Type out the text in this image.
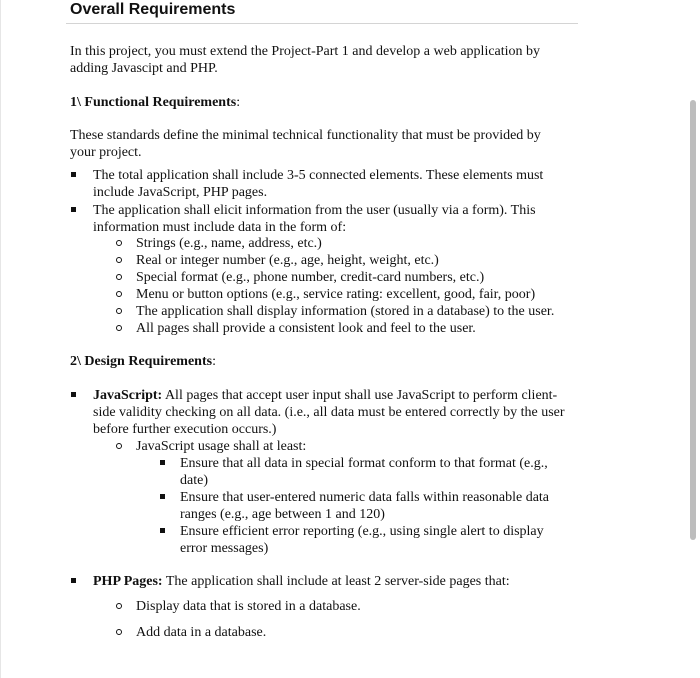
Overall Requirements
In this project, you must extend the Project-Part 1 and develop a web application by
adding Javascipt and PHP.
1\ Functional Requirements:
These standards define the minimal technical functionality that must be provided by
your project.
The total application shall include 3-5 connected elements. These elements must
include JavaScript, PHP pages.
The application shall elicit information from the user (usually via a form). This
information must include data in the form of:
Strings (e.g., name, address, etc.)
Real or integer number (e.g., age, height, weight, etc.)
Special format (e.g., phone number, credit-card numbers, etc.)
Menu or button options (e.g., service rating: excellent, good, fair, poor)
The application shall display information (stored in a database) to the user.
All pages shall provide a consistent look and feel to the user.
2\ Design Requirements:
JavaScript: All pages that accept user input shall use JavaScript to perform client-
side validity checking on all data. (i.e., all data must be entered correctly by the user
before further execution occurs.)
JavaScript usage shall at least:
Ensure that all data in special format conform to that format (e.g.,
date)
Ensure that user-entered numeric data falls within reasonable data
ranges (e.g., age between 1 and 120)
Ensure efficient error reporting (e.g., using single alert to display
error messages)
PHP Pages: The application shall include at least 2 server-side pages that:
Display data that is stored in a database.
Add data in a database.
